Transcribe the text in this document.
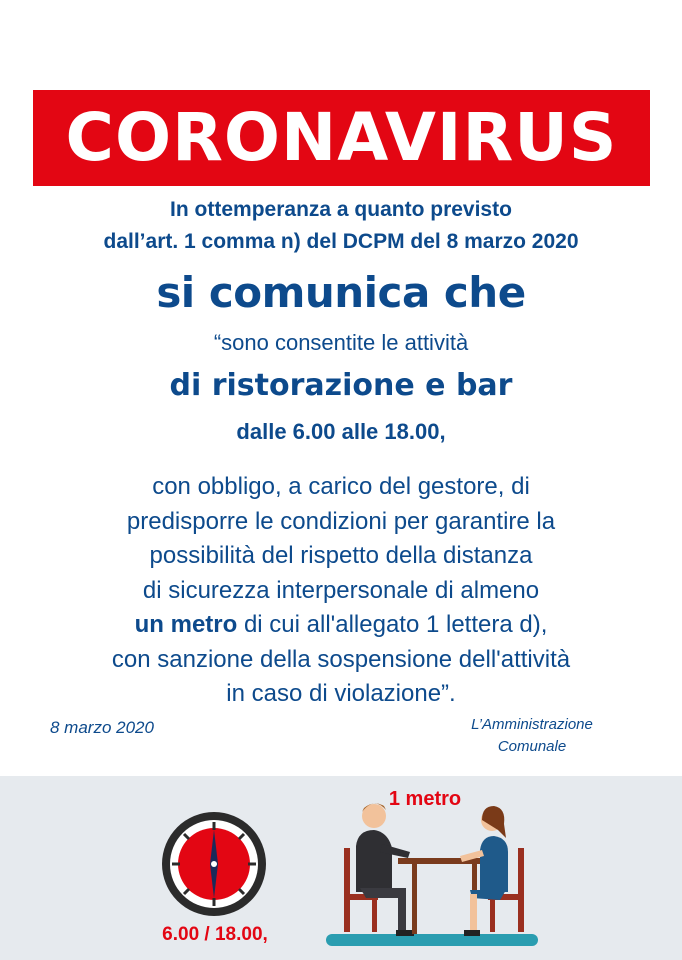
CORONAVIRUS
In ottemperanza a quanto previsto
dall’art. 1 comma n) del DCPM del 8 marzo 2020
si comunica che
“sono consentite le attività
di ristorazione e bar
dalle 6.00 alle 18.00,
con obbligo, a carico del gestore, di
predisporre le condizioni per garantire la
possibilità del rispetto della distanza
di sicurezza interpersonale di almeno
un metro di cui all'allegato 1 lettera d),
con sanzione della sospensione dell'attività
in caso di violazione”.
8 marzo 2020	L’Amministrazione
Comunale
6.00 / 18.00,
1 metro
